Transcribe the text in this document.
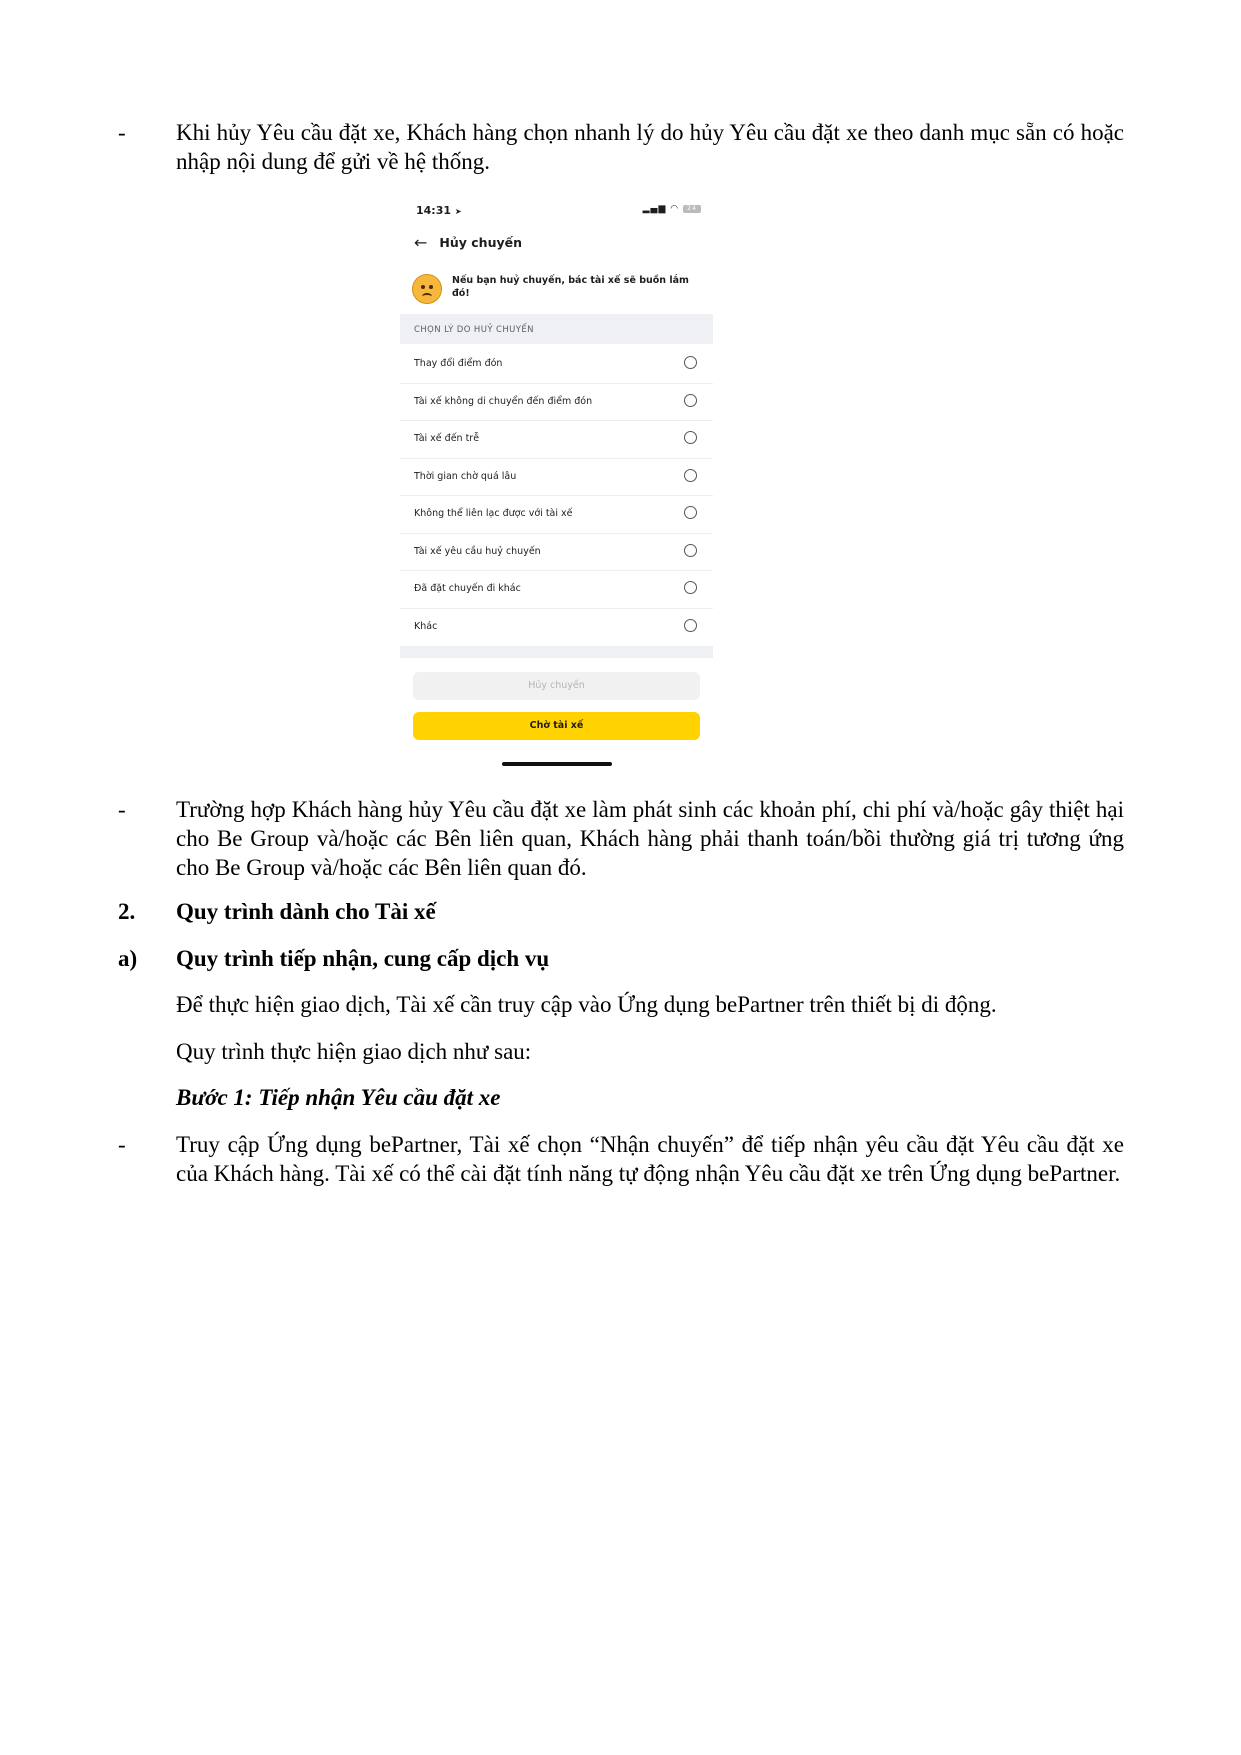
- Khi hủy Yêu cầu đặt xe, Khách hàng chọn nhanh lý do hủy Yêu cầu đặt xe theo danh mục sẵn có hoặc nhập nội dung để gửi về hệ thống.
14:31 ➤	▂▄▆ ◠	24
← Hủy chuyến
Nếu bạn huỷ chuyến, bác tài xế sẽ buồn lắm đó!
CHỌN LÝ DO HUỶ CHUYẾN
Thay đổi điểm đón
Tài xế không di chuyển đến điểm đón
Tài xế đến trễ
Thời gian chờ quá lâu
Không thể liên lạc được với tài xế
Tài xế yêu cầu huỷ chuyến
Đã đặt chuyến đi khác
Khác
Hủy chuyến
Chờ tài xế
- Trường hợp Khách hàng hủy Yêu cầu đặt xe làm phát sinh các khoản phí, chi phí và/hoặc gây thiệt hại cho Be Group và/hoặc các Bên liên quan, Khách hàng phải thanh toán/bồi thường giá trị tương ứng cho Be Group và/hoặc các Bên liên quan đó.
2. Quy trình dành cho Tài xế
a) Quy trình tiếp nhận, cung cấp dịch vụ
Để thực hiện giao dịch, Tài xế cần truy cập vào Ứng dụng bePartner trên thiết bị di động.
Quy trình thực hiện giao dịch như sau:
Bước 1: Tiếp nhận Yêu cầu đặt xe
- Truy cập Ứng dụng bePartner, Tài xế chọn “Nhận chuyến” để tiếp nhận yêu cầu đặt Yêu cầu đặt xe của Khách hàng. Tài xế có thể cài đặt tính năng tự động nhận Yêu cầu đặt xe trên Ứng dụng bePartner.
